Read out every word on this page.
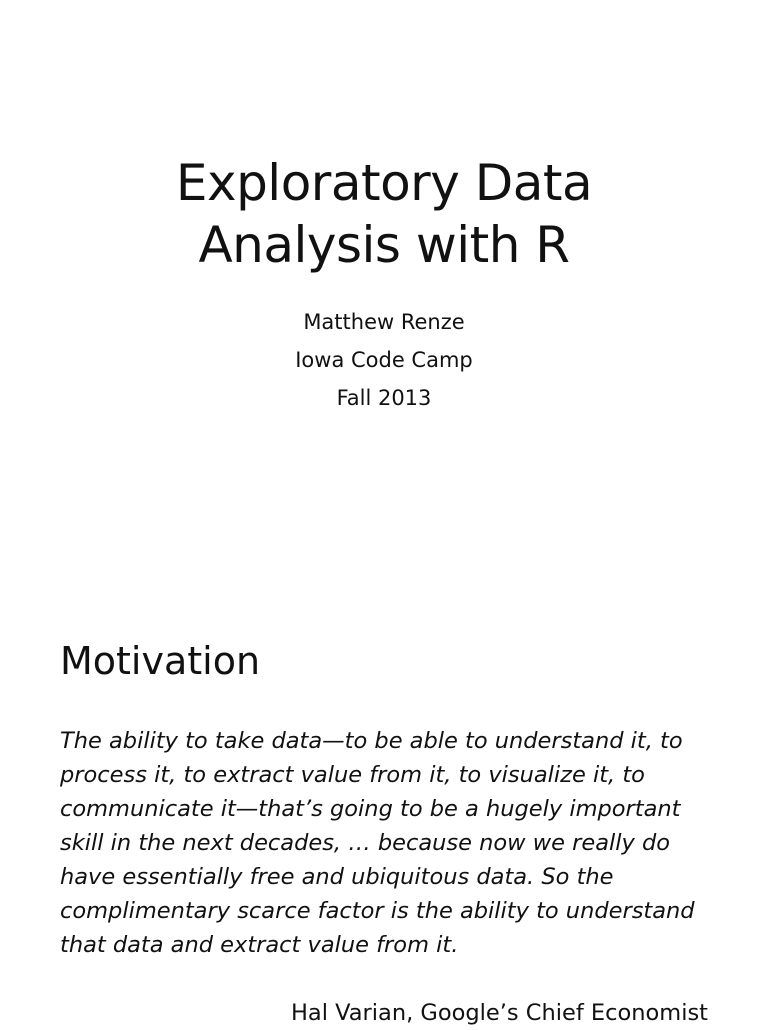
Exploratory Data
Analysis with R
Matthew Renze
Iowa Code Camp
Fall 2013
Motivation
The ability to take data—to be able to understand it, to
process it, to extract value from it, to visualize it, to
communicate it—that’s going to be a hugely important
skill in the next decades, … because now we really do
have essentially free and ubiquitous data. So the
complimentary scarce factor is the ability to understand
that data and extract value from it.
Hal Varian, Google’s Chief Economist
